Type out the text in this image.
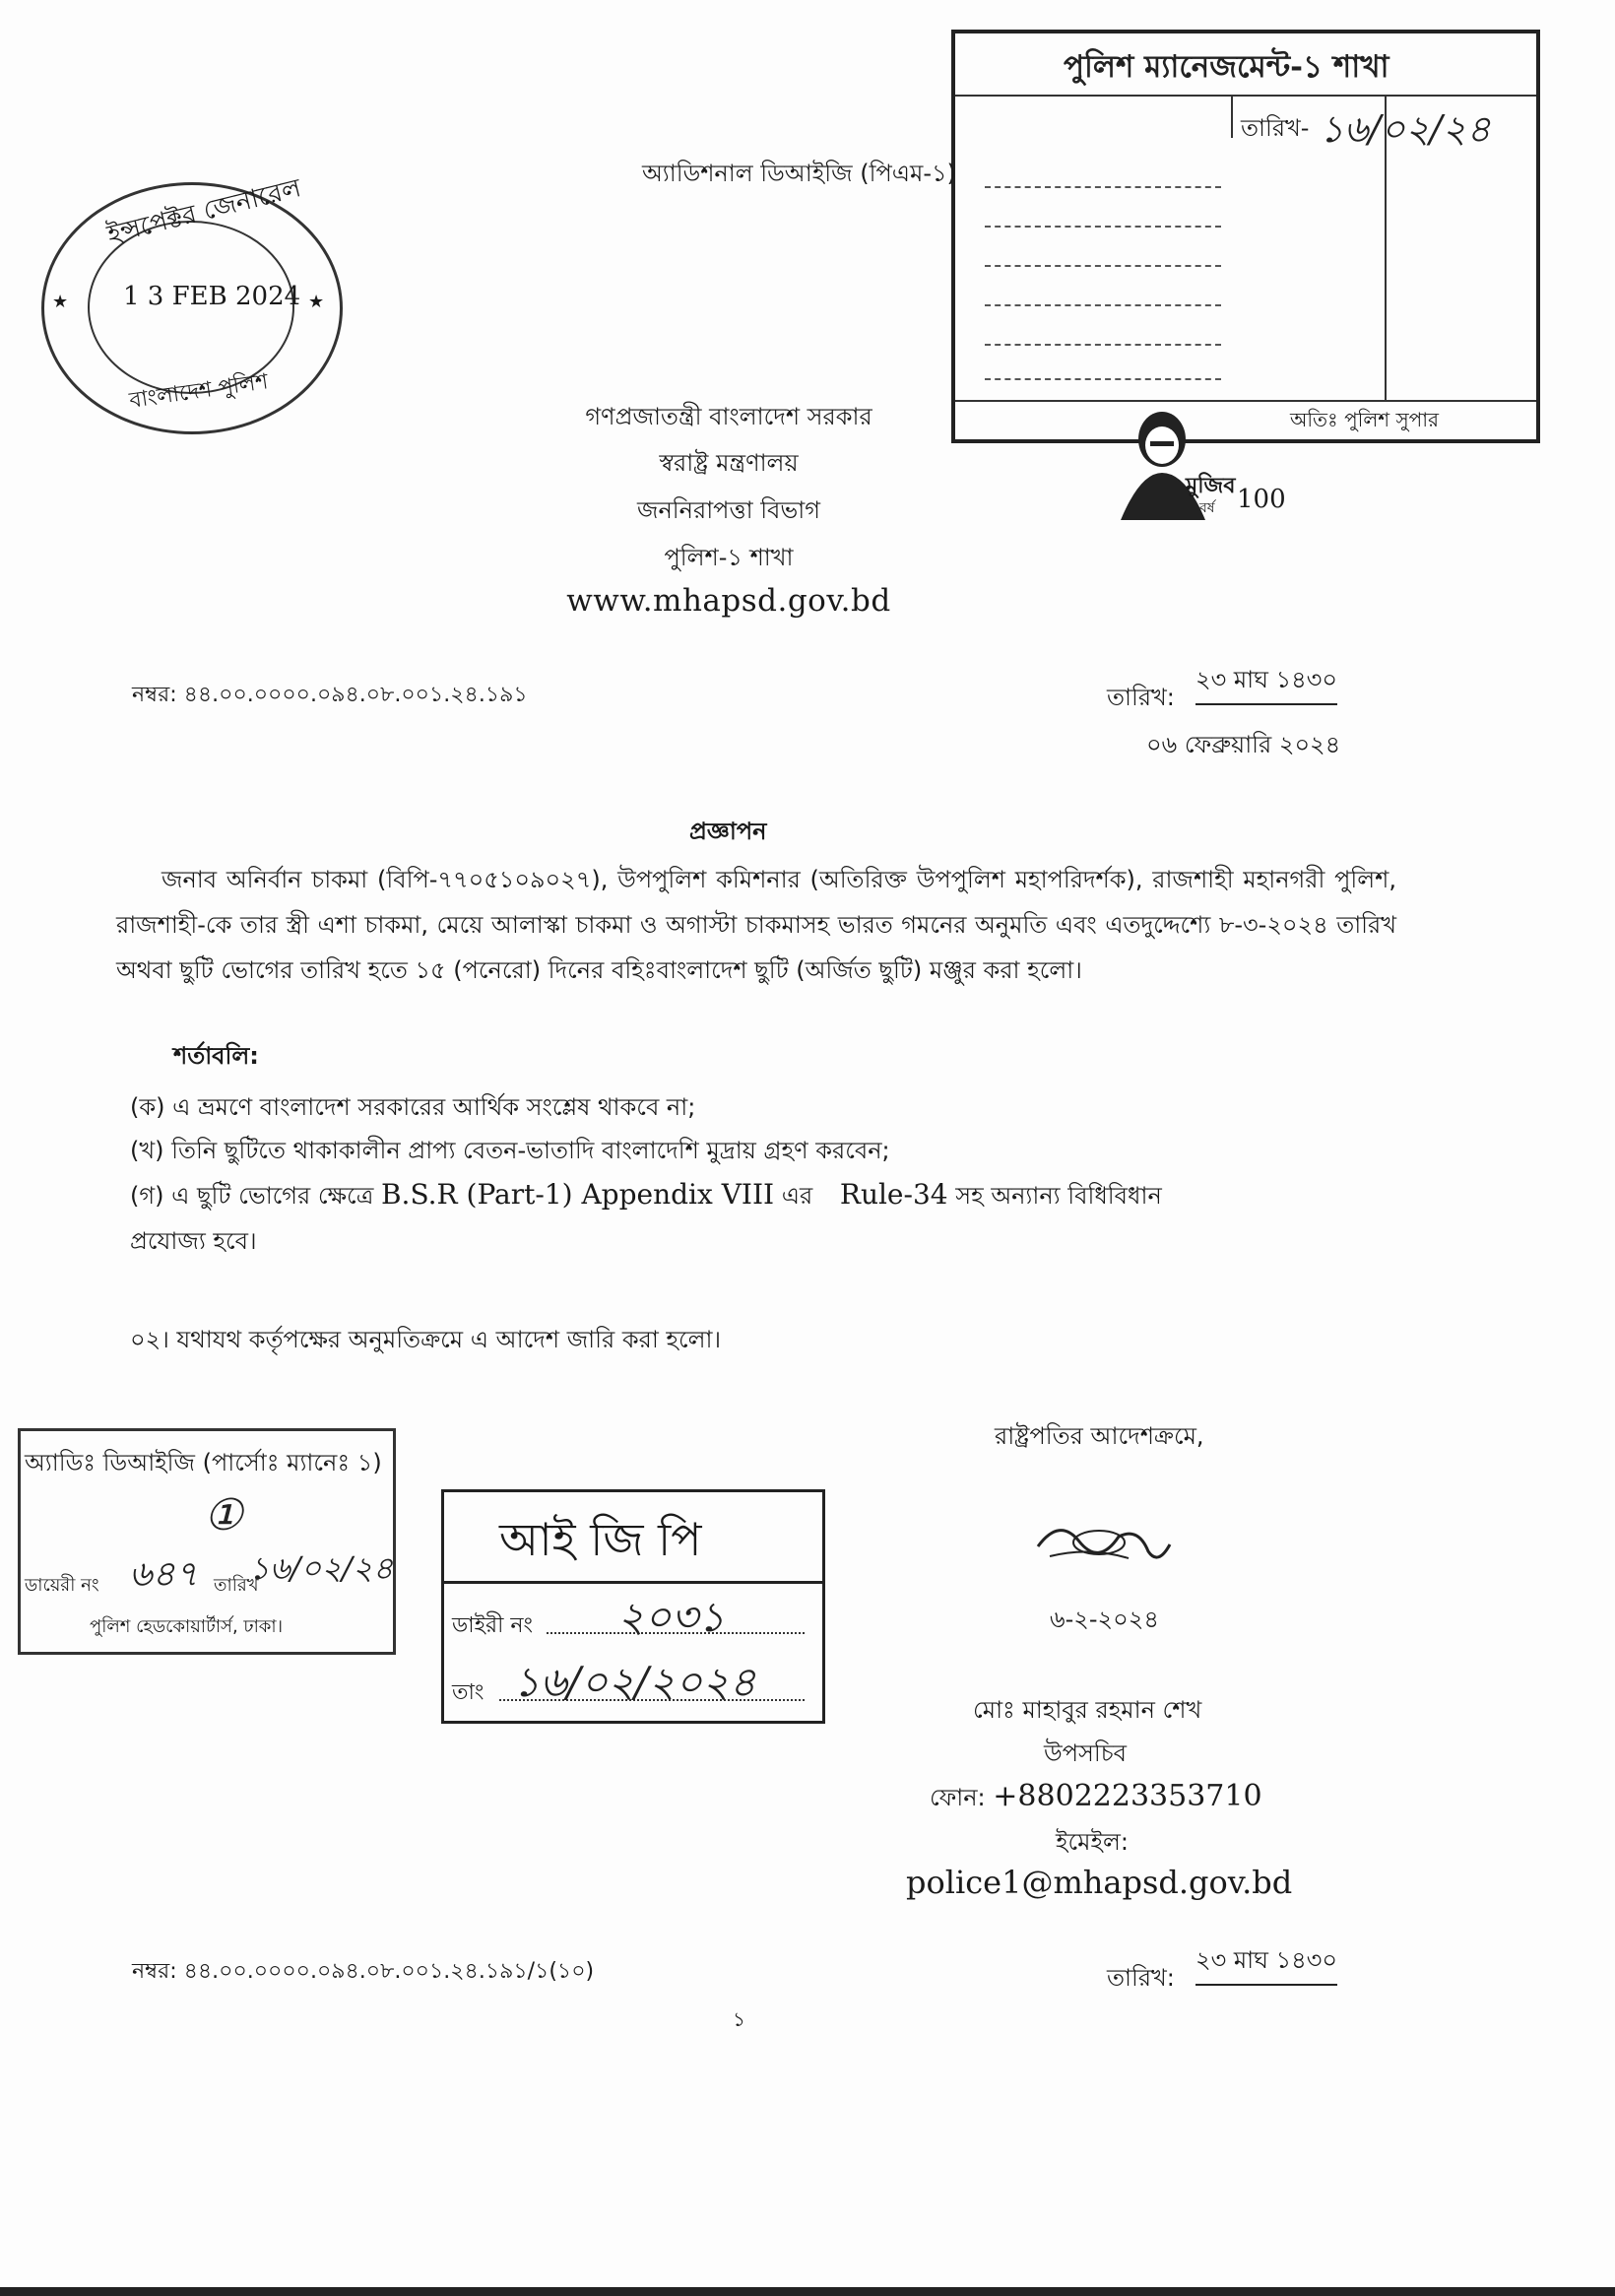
পুলিশ ম্যানেজমেন্ট-১ শাখা
তারিখ- ১৬/০২/২৪
অতিঃ পুলিশ সুপার
অ্যাডিশনাল ডিআইজি (পিএম-১)
ইন্সপেক্টর জেনারেল
1 3 FEB 2024
বাংলাদেশ পুলিশ
★	★
গণপ্রজাতন্ত্রী বাংলাদেশ সরকার
স্বরাষ্ট্র মন্ত্রণালয়
জননিরাপত্তা বিভাগ
পুলিশ-১ শাখা
www.mhapsd.gov.bd
মুজিব
বর্ষ 100
নম্বর: ৪৪.০০.০০০০.০৯৪.০৮.০০১.২৪.১৯১	তারিখ:
২৩ মাঘ ১৪৩০
০৬ ফেব্রুয়ারি ২০২৪
প্রজ্ঞাপন
জনাব অনির্বান চাকমা (বিপি-৭৭০৫১০৯০২৭), উপপুলিশ কমিশনার (অতিরিক্ত উপপুলিশ মহাপরিদর্শক), রাজশাহী মহানগরী পুলিশ, রাজশাহী-কে তার স্ত্রী এশা চাকমা, মেয়ে আলাস্কা চাকমা ও অগাস্টা চাকমাসহ ভারত গমনের অনুমতি এবং এতদুদ্দেশ্যে ৮-৩-২০২৪ তারিখ অথবা ছুটি ভোগের তারিখ হতে ১৫ (পনেরো) দিনের বহিঃবাংলাদেশ ছুটি (অর্জিত ছুটি) মঞ্জুর করা হলো।
শর্তাবলি:
(ক) এ ভ্রমণে বাংলাদেশ সরকারের আর্থিক সংশ্লেষ থাকবে না;
(খ) তিনি ছুটিতে থাকাকালীন প্রাপ্য বেতন-ভাতাদি বাংলাদেশি মুদ্রায় গ্রহণ করবেন;
(গ) এ ছুটি ভোগের ক্ষেত্রে B.S.R (Part-1) Appendix VIII এর Rule-34 সহ অন্যান্য বিধিবিধান
প্রযোজ্য হবে।
০২। যথাযথ কর্তৃপক্ষের অনুমতিক্রমে এ আদেশ জারি করা হলো।
রাষ্ট্রপতির আদেশক্রমে,
৬-২-২০২৪
মোঃ মাহাবুর রহমান শেখ
উপসচিব
ফোন: +8802223353710
ইমেইল:
police1@mhapsd.gov.bd
অ্যাডিঃ ডিআইজি (পার্সোঃ ম্যানেঃ ১)
①
ডায়েরী নং ৬৪৭ তারিখ
১৬/০২/২৪
পুলিশ হেডকোয়ার্টার্স, ঢাকা।
আই জি পি
ডাইরী নং ২০৩১
তাং ১৬/০২/২০২৪
নম্বর: ৪৪.০০.০০০০.০৯৪.০৮.০০১.২৪.১৯১/১(১০)	তারিখ:
২৩ মাঘ ১৪৩০
১
